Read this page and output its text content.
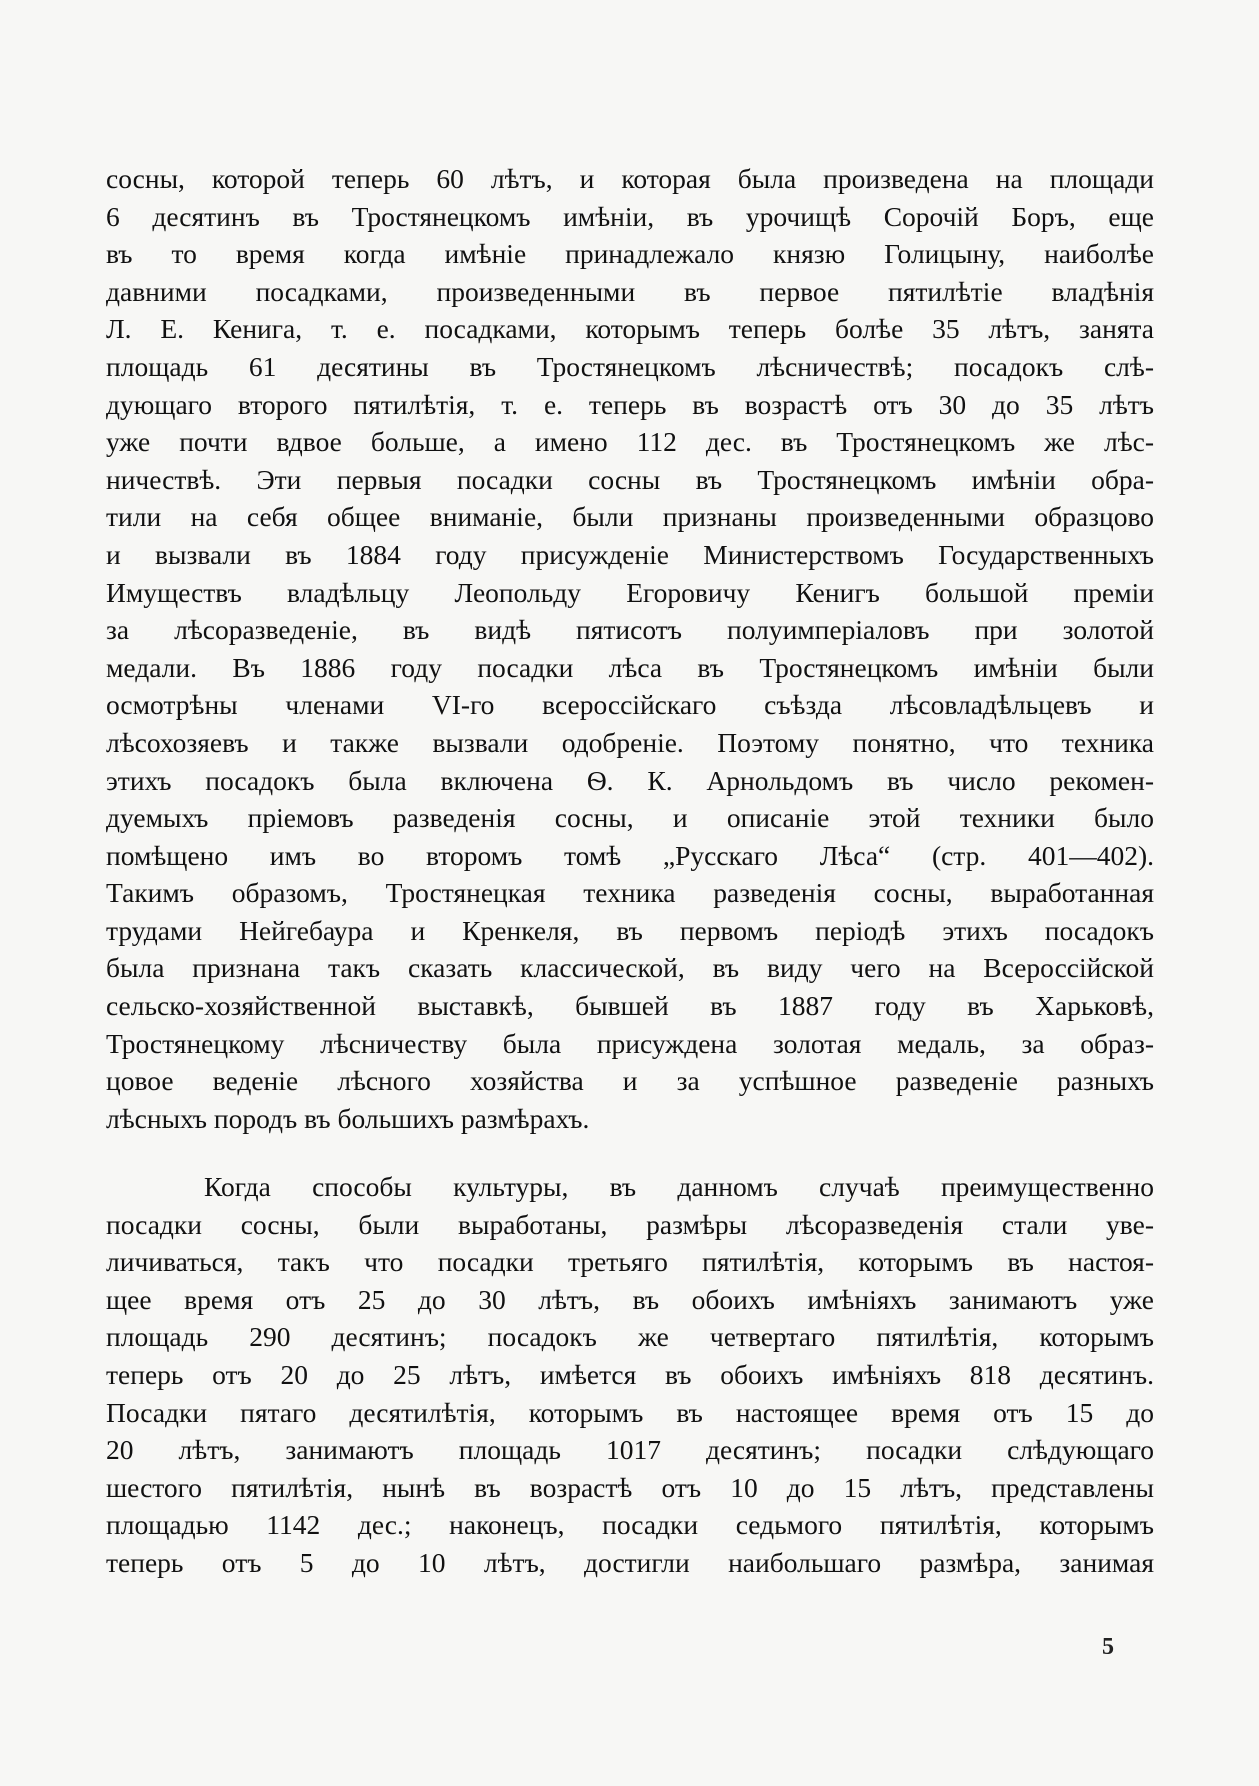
сосны, которой теперь 60 лѣтъ, и которая была произведена на площади
6 десятинъ въ Тростянецкомъ имѣніи, въ урочищѣ Сорочій Боръ, еще
въ то время когда имѣніе принадлежало князю Голицыну, наиболѣе
давними посадками, произведенными въ первое пятилѣтіе владѣнія
Л. Е. Кенига, т. е. посадками, которымъ теперь болѣе 35 лѣтъ, занята
площадь 61 десятины въ Тростянецкомъ лѣсничествѣ; посадокъ слѣ-
дующаго второго пятилѣтія, т. е. теперь въ возрастѣ отъ 30 до 35 лѣтъ
уже почти вдвое больше, а имено 112 дес. въ Тростянецкомъ же лѣс-
ничествѣ. Эти первыя посадки сосны въ Тростянецкомъ имѣніи обра-
тили на себя общее вниманіе, были признаны произведенными образцово
и вызвали въ 1884 году присужденіе Министерствомъ Государственныхъ
Имуществъ владѣльцу Леопольду Егоровичу Кенигъ большой преміи
за лѣсоразведеніе, въ видѣ пятисотъ полуимперіаловъ при золотой
медали. Въ 1886 году посадки лѣса въ Тростянецкомъ имѣніи были
осмотрѣны членами VI-го всероссійскаго съѣзда лѣсовладѣльцевъ и
лѣсохозяевъ и также вызвали одобреніе. Поэтому понятно, что техника
этихъ посадокъ была включена Ѳ. К. Арнольдомъ въ число рекомен-
дуемыхъ пріемовъ разведенія сосны, и описаніе этой техники было
помѣщено имъ во второмъ томѣ „Русскаго Лѣса“ (стр. 401—402).
Такимъ образомъ, Тростянецкая техника разведенія сосны, выработанная
трудами Нейгебаура и Кренкеля, въ первомъ періодѣ этихъ посадокъ
была признана такъ сказать классической, въ виду чего на Всероссійской
сельско-хозяйственной выставкѣ, бывшей въ 1887 году въ Харьковѣ,
Тростянецкому лѣсничеству была присуждена золотая медаль, за образ-
цовое веденіе лѣсного хозяйства и за успѣшное разведеніе разныхъ
лѣсныхъ породъ въ большихъ размѣрахъ.
Когда способы культуры, въ данномъ случаѣ преимущественно
посадки сосны, были выработаны, размѣры лѣсоразведенія стали уве-
личиваться, такъ что посадки третьяго пятилѣтія, которымъ въ настоя-
щее время отъ 25 до 30 лѣтъ, въ обоихъ имѣніяхъ занимаютъ уже
площадь 290 десятинъ; посадокъ же четвертаго пятилѣтія, которымъ
теперь отъ 20 до 25 лѣтъ, имѣется въ обоихъ имѣніяхъ 818 десятинъ.
Посадки пятаго десятилѣтія, которымъ въ настоящее время отъ 15 до
20 лѣтъ, занимаютъ площадь 1017 десятинъ; посадки слѣдующаго
шестого пятилѣтія, нынѣ въ возрастѣ отъ 10 до 15 лѣтъ, представлены
площадью 1142 дес.; наконецъ, посадки седьмого пятилѣтія, которымъ
теперь отъ 5 до 10 лѣтъ, достигли наибольшаго размѣра, занимая
5
